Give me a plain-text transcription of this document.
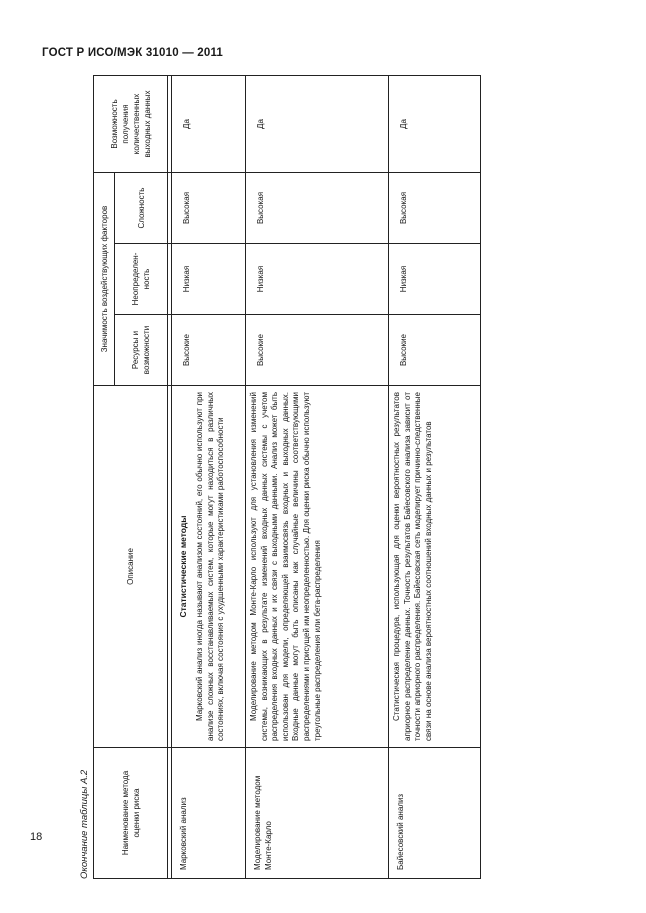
ГОСТ Р ИСО/МЭК 31010 — 2011
Окончание таблицы А.2	Наименование метода оценки риска
Описание
Значимость воздействующих факторов	Ресурсы и возможности
Неопределен-ность
Сложность
Возможность получения количественных выходных данных
Статистические методы
Марковский анализ

Марковский анализ иногда называют анализом состояний, его обычно используют при анализе сложных восстанавливаемых систем, которые могут находиться в различных состояниях, включая состояния с ухудшенными характеристиками работоспособности

Высокие
Низкая
Высокая
Да
Моделирование методом Монте-Карло

Моделирование методом Монте-Карло используют для установления изменений системы, возникающих в результате изменений входных данных системы с учетом распределения входных данных и их связи с выходными данными. Анализ может быть использован для модели, определяющей взаимосвязь входных и выходных данных. Входные данные могут быть описаны как случайные величины соответствующими распределениями и присущей им неопределенностью. Для оценки риска обычно используют треугольные распределения или бета-распределения

Высокие
Низкая
Высокая
Да
Байесовский анализ

Статистическая процедура, использующая для оценки вероятностных результатов априорное распределение данных. Точность результатов Байесовского анализа зависит от точности априорного распределения. Байесовская сеть моделирует причинно-следственные связи на основе анализа вероятностных соотношений входных данных и результатов

Высокие
Низкая
Высокая
Да
18
